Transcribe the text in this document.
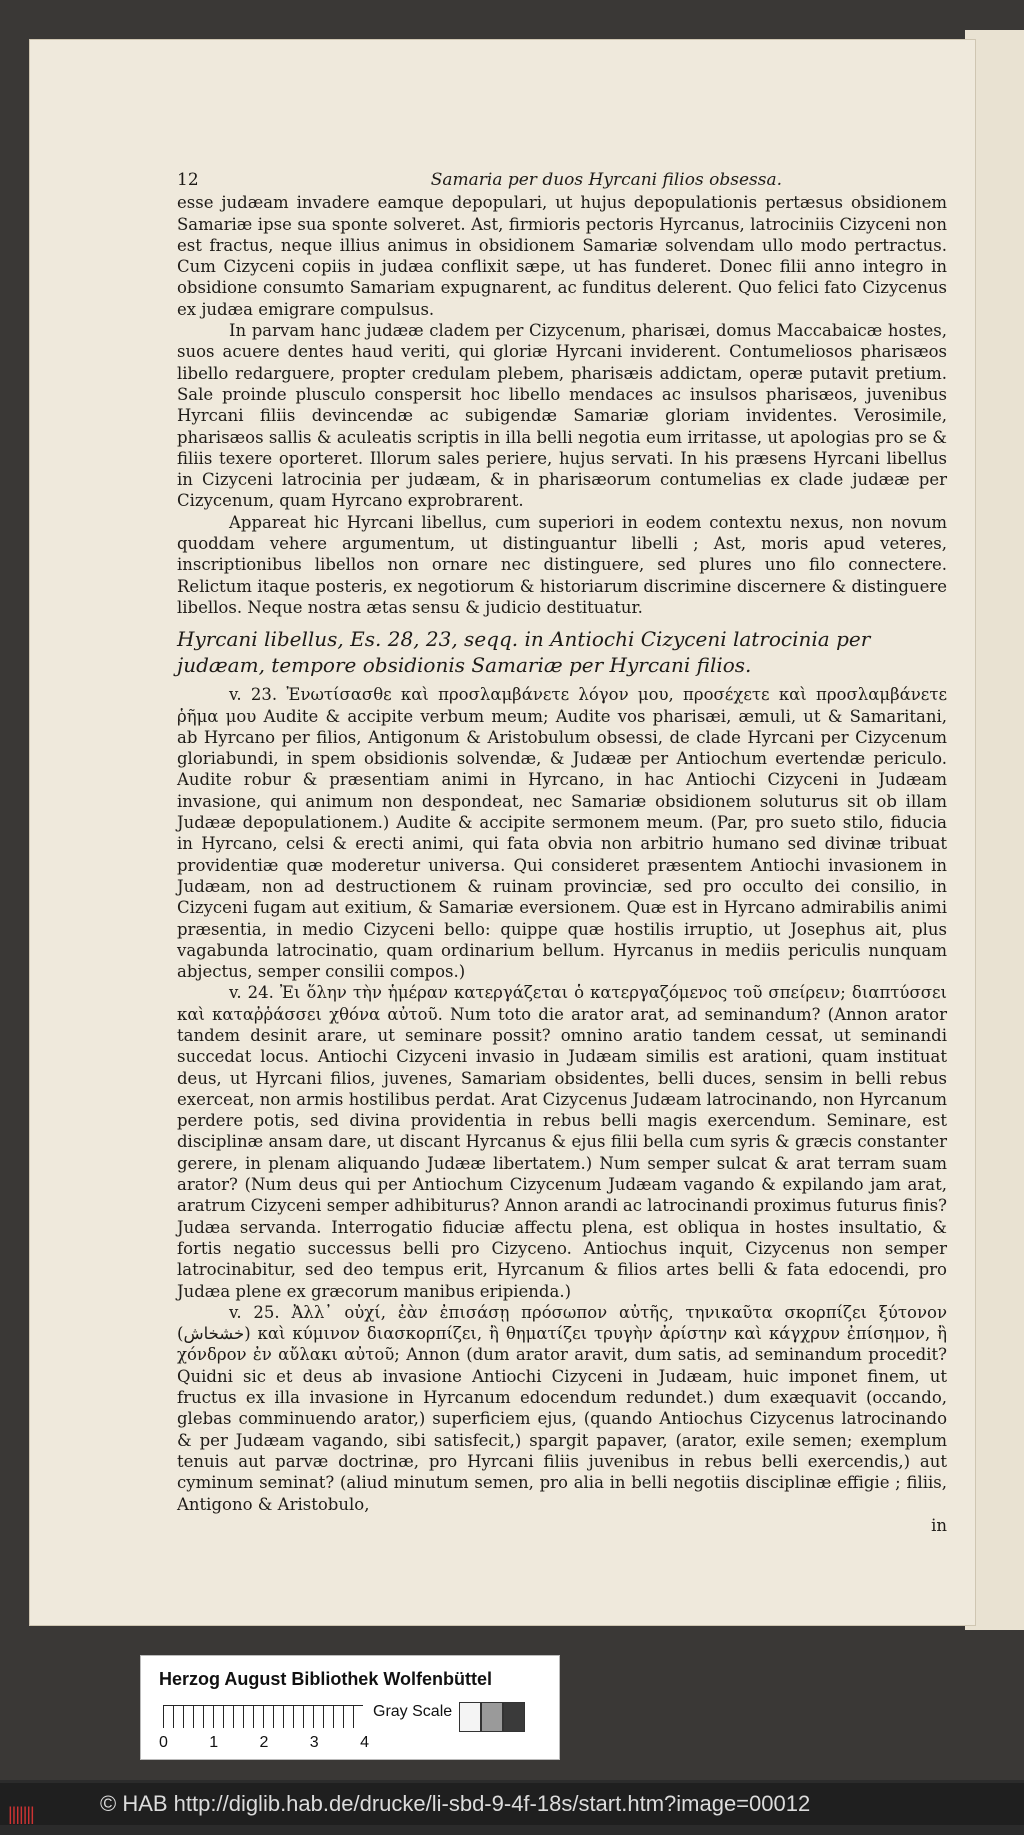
12	Samaria per duos Hyrcani filios obsessa.

esse judæam invadere eamque depopulari, ut hujus depopulationis pertæsus obsidionem Samariæ ipse sua sponte solveret. Ast, firmioris pectoris Hyrcanus, latrociniis Cizyceni non est fractus, neque illius animus in obsidionem Samariæ solvendam ullo modo pertractus. Cum Cizyceni copiis in judæa conflixit sæpe, ut has funderet. Donec filii anno integro in obsidione consumto Samariam expugnarent, ac funditus delerent. Quo felici fato Cizycenus ex judæa emigrare compulsus.

In parvam hanc judææ cladem per Cizycenum, pharisæi, domus Maccabaicæ hostes, suos acuere dentes haud veriti, qui gloriæ Hyrcani inviderent. Contumeliosos pharisæos libello redarguere, propter credulam plebem, pharisæis addictam, operæ putavit pretium. Sale proinde plusculo conspersit hoc libello mendaces ac insulsos pharisæos, juvenibus Hyrcani filiis devincendæ ac subigendæ Samariæ gloriam invidentes. Verosimile, pharisæos sallis & aculeatis scriptis in illa belli negotia eum irritasse, ut apologias pro se & filiis texere oporteret. Illorum sales periere, hujus servati. In his præsens Hyrcani libellus in Cizyceni latrocinia per judæam, & in pharisæorum contumelias ex clade judææ per Cizycenum, quam Hyrcano exprobrarent.

Appareat hic Hyrcani libellus, cum superiori in eodem contextu nexus, non novum quoddam vehere argumentum, ut distinguantur libelli ; Ast, moris apud veteres, inscriptionibus libellos non ornare nec distinguere, sed plures uno filo connectere. Relictum itaque posteris, ex negotiorum & historiarum discrimine discernere & distinguere libellos. Neque nostra ætas sensu & judicio destituatur.

Hyrcani libellus, Es. 28, 23, seqq. in Antiochi Cizyceni latrocinia per judæam, tempore obsidionis Samariæ per Hyrcani filios.

v. 23. Ἐνωτίσασθε καὶ προσλαμβάνετε λόγον μου, προσέχετε καὶ προσλαμβάνετε ῥῆμα μου Audite & accipite verbum meum; Audite vos pharisæi, æmuli, ut & Samaritani, ab Hyrcano per filios, Antigonum & Aristobulum obsessi, de clade Hyrcani per Cizycenum gloriabundi, in spem obsidionis solvendæ, & Judææ per Antiochum evertendæ periculo. Audite robur & præsentiam animi in Hyrcano, in hac Antiochi Cizyceni in Judæam invasione, qui animum non despondeat, nec Samariæ obsidionem soluturus sit ob illam Judææ depopulationem.) Audite & accipite sermonem meum. (Par, pro sueto stilo, fiducia in Hyrcano, celsi & erecti animi, qui fata obvia non arbitrio humano sed divinæ tribuat providentiæ quæ moderetur universa. Qui consideret præsentem Antiochi invasionem in Judæam, non ad destructionem & ruinam provinciæ, sed pro occulto dei consilio, in Cizyceni fugam aut exitium, & Samariæ eversionem. Quæ est in Hyrcano admirabilis animi præsentia, in medio Cizyceni bello: quippe quæ hostilis irruptio, ut Josephus ait, plus vagabunda latrocinatio, quam ordinarium bellum. Hyrcanus in mediis periculis nunquam abjectus, semper consilii compos.)

v. 24. Ἐι ὅλην τὴν ἡμέραν κατεργάζεται ὁ κατεργαζόμενος τοῦ σπείρειν; διαπτύσσει καὶ καταῤῥάσσει χθόνα αὐτοῦ. Num toto die arator arat, ad seminandum? (Annon arator tandem desinit arare, ut seminare possit? omnino aratio tandem cessat, ut seminandi succedat locus. Antiochi Cizyceni invasio in Judæam similis est arationi, quam instituat deus, ut Hyrcani filios, juvenes, Samariam obsidentes, belli duces, sensim in belli rebus exerceat, non armis hostilibus perdat. Arat Cizycenus Judæam latrocinando, non Hyrcanum perdere potis, sed divina providentia in rebus belli magis exercendum. Seminare, est disciplinæ ansam dare, ut discant Hyrcanus & ejus filii bella cum syris & græcis constanter gerere, in plenam aliquando Judææ libertatem.) Num semper sulcat & arat terram suam arator? (Num deus qui per Antiochum Cizycenum Judæam vagando & expilando jam arat, aratrum Cizyceni semper adhibiturus? Annon arandi ac latrocinandi proximus futurus finis? Judæa servanda. Interrogatio fiduciæ affectu plena, est obliqua in hostes insultatio, & fortis negatio successus belli pro Cizyceno. Antiochus inquit, Cizycenus non semper latrocinabitur, sed deo tempus erit, Hyrcanum & filios artes belli & fata edocendi, pro Judæa plene ex græcorum manibus eripienda.)

v. 25. Ἀλλ᾽ οὐχί, ἐὰν ἐπισάσῃ πρόσωπον αὐτῆς, τηνικαῦτα σκορπίζει ξύτονον (خشخاش) καὶ κύμινον διασκορπίζει, ἢ θηματίζει τρυγὴν ἀρίστην καὶ κάγχρυν ἐπίσημον, ἢ χόνδρον ἐν αὔλακι αὐτοῦ; Annon (dum arator aravit, dum satis, ad seminandum procedit? Quidni sic et deus ab invasione Antiochi Cizyceni in Judæam, huic imponet finem, ut fructus ex illa invasione in Hyrcanum edocendum redundet.) dum exæquavit (occando, glebas comminuendo arator,) superficiem ejus, (quando Antiochus Cizycenus latrocinando & per Judæam vagando, sibi satisfecit,) spargit papaver, (arator, exile semen; exemplum tenuis aut parvæ doctrinæ, pro Hyrcani filiis juvenibus in rebus belli exercendis,) aut cyminum seminat? (aliud minutum semen, pro alia in belli negotiis disciplinæ effigie ; filiis, Antigono & Aristobulo,

in
Herzog August Bibliothek Wolfenbüttel
0	1	2	3	4
Gray Scale
|||||||	© HAB http://diglib.hab.de/drucke/li-sbd-9-4f-18s/start.htm?image=00012
